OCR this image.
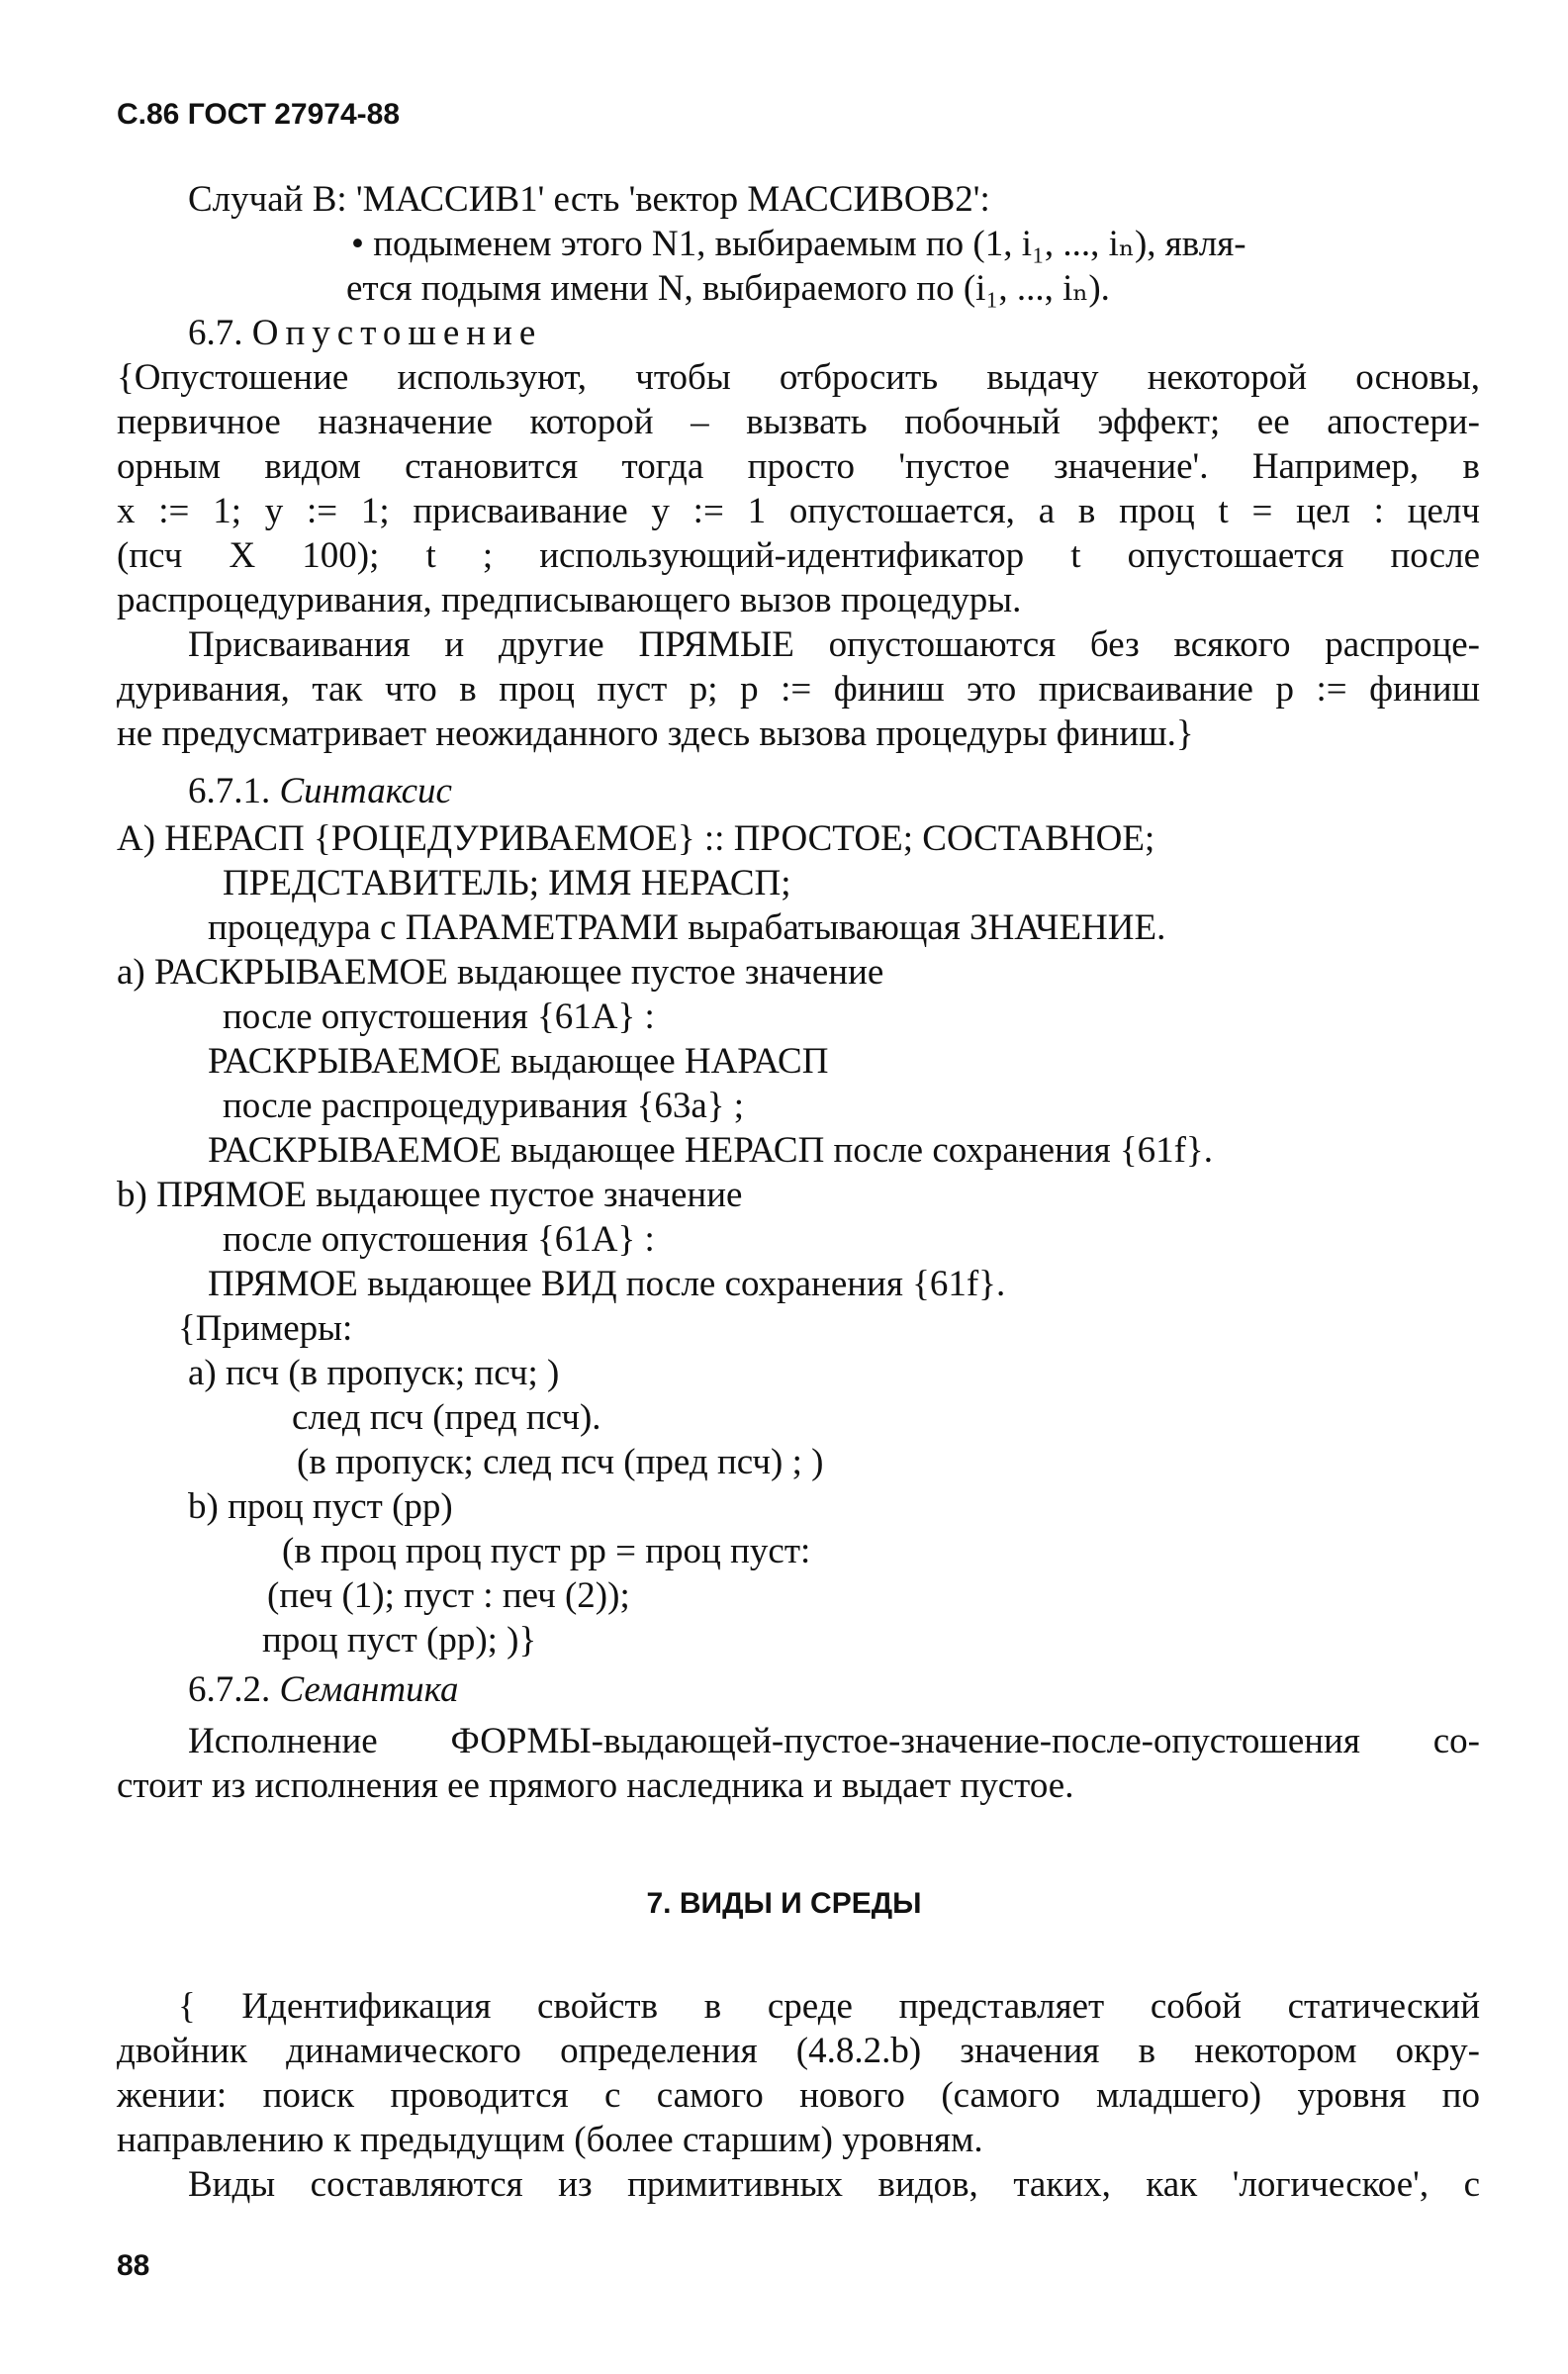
С.86 ГОСТ 27974-88
Случай В: 'МАССИВ1' есть 'вектор МАССИВОВ2':
• подыменем этого N1, выбираемым по (1, i₁, ..., iₙ), явля-
ется подымя имени N, выбираемого по (i₁, ..., iₙ).
6.7. Опустошение
{Опустошение используют, чтобы отбросить выдачу некоторой основы,
первичное назначение которой – вызвать побочный эффект; ее апостери-
орным видом становится тогда просто 'пустое значение'. Например, в
x := 1; y := 1; присваивание y := 1 опустошается, а в проц t = цел : целч
(псч X 100); t ; использующий-идентификатор t опустошается после
распроцедуривания, предписывающего вызов процедуры.
Присваивания и другие ПРЯМЫЕ опустошаются без всякого распроце-
дуривания, так что в проц пуст p; p := финиш это присваивание p := финиш
не предусматривает неожиданного здесь вызова процедуры финиш.}
6.7.1. Синтаксис
A) НЕРАСП {РОЦЕДУРИВАЕМОЕ} :: ПРОСТОЕ; СОСТАВНОЕ;
ПРЕДСТАВИТЕЛЬ; ИМЯ НЕРАСП;
процедура с ПАРАМЕТРАМИ вырабатывающая ЗНАЧЕНИЕ.
a) РАСКРЫВАЕМОЕ выдающее пустое значение
после опустошения {61A} :
РАСКРЫВАЕМОЕ выдающее НАРАСП
после распроцедуривания {63a} ;
РАСКРЫВАЕМОЕ выдающее НЕРАСП после сохранения {61f}.
b) ПРЯМОЕ выдающее пустое значение
после опустошения {61A} :
ПРЯМОЕ выдающее ВИД после сохранения {61f}.
{Примеры:
a) псч (в пропуск; псч; )
след псч (пред псч).
(в пропуск; след псч (пред псч) ; )
b) проц пуст (pp)
(в проц проц пуст pp = проц пуст:
(печ (1); пуст : печ (2));
проц пуст (pp); )}
6.7.2. Семантика
Исполнение ФОРМЫ-выдающей-пустое-значение-после-опустошения со-
стоит из исполнения ее прямого наследника и выдает пустое.
7. ВИДЫ И СРЕДЫ
{ Идентификация свойств в среде представляет собой статический
двойник динамического определения (4.8.2.b) значения в некотором окру-
жении: поиск проводится с самого нового (самого младшего) уровня по
направлению к предыдущим (более старшим) уровням.
Виды составляются из примитивных видов, таких, как 'логическое', с
88
